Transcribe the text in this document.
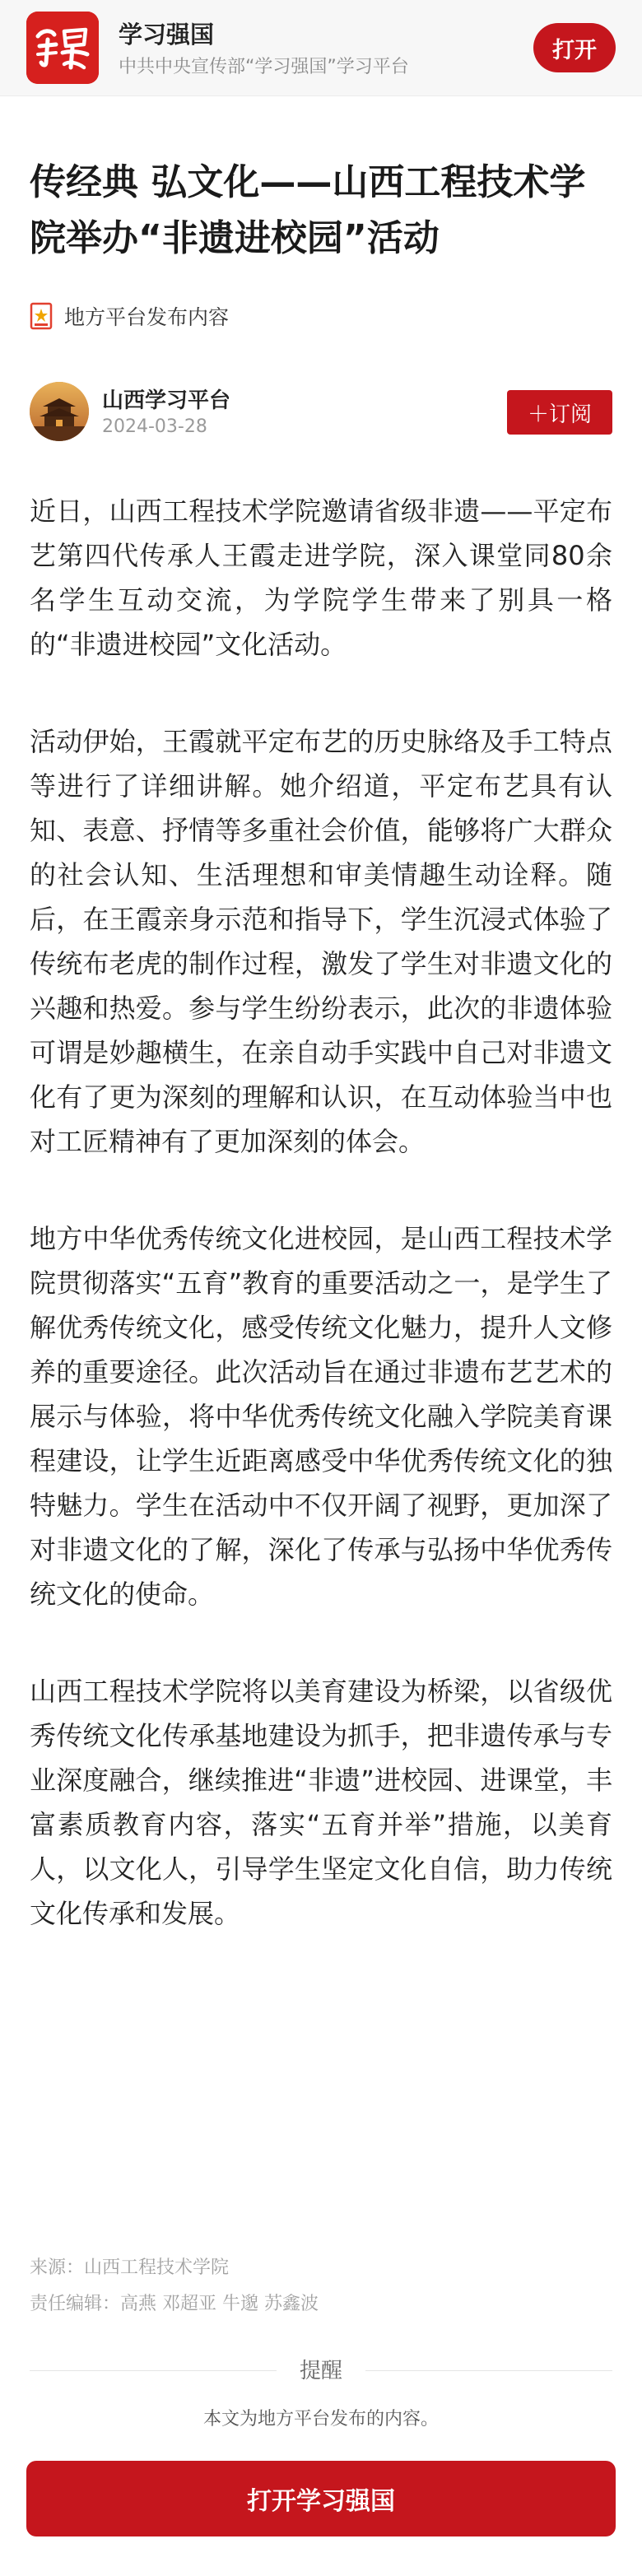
学习强国
中共中央宣传部“学习强国”学习平台
打开
传经典 弘文化——山西工程技术学院举办“非遗进校园”活动
地方平台发布内容
山西学习平台
2024-03-28	＋订阅

近日，山西工程技术学院邀请省级非遗——平定布艺第四代传承人王霞走进学院，深入课堂同80余名学生互动交流，为学院学生带来了别具一格的“非遗进校园”文化活动。

活动伊始，王霞就平定布艺的历史脉络及手工特点等进行了详细讲解。她介绍道，平定布艺具有认知、表意、抒情等多重社会价值，能够将广大群众的社会认知、生活理想和审美情趣生动诠释。随后，在王霞亲身示范和指导下，学生沉浸式体验了传统布老虎的制作过程，激发了学生对非遗文化的兴趣和热爱。参与学生纷纷表示，此次的非遗体验可谓是妙趣横生，在亲自动手实践中自己对非遗文化有了更为深刻的理解和认识，在互动体验当中也对工匠精神有了更加深刻的体会。

地方中华优秀传统文化进校园，是山西工程技术学院贯彻落实“五育”教育的重要活动之一，是学生了解优秀传统文化，感受传统文化魅力，提升人文修养的重要途径。此次活动旨在通过非遗布艺艺术的展示与体验，将中华优秀传统文化融入学院美育课程建设，让学生近距离感受中华优秀传统文化的独特魅力。学生在活动中不仅开阔了视野，更加深了对非遗文化的了解，深化了传承与弘扬中华优秀传统文化的使命。

山西工程技术学院将以美育建设为桥梁，以省级优秀传统文化传承基地建设为抓手，把非遗传承与专业深度融合，继续推进“非遗”进校园、进课堂，丰富素质教育内容，落实“五育并举”措施，以美育人，以文化人，引导学生坚定文化自信，助力传统文化传承和发展。

来源：山西工程技术学院
责任编辑：高燕 邓超亚 牛邈 苏鑫波
提醒
本文为地方平台发布的内容。
打开学习强国
